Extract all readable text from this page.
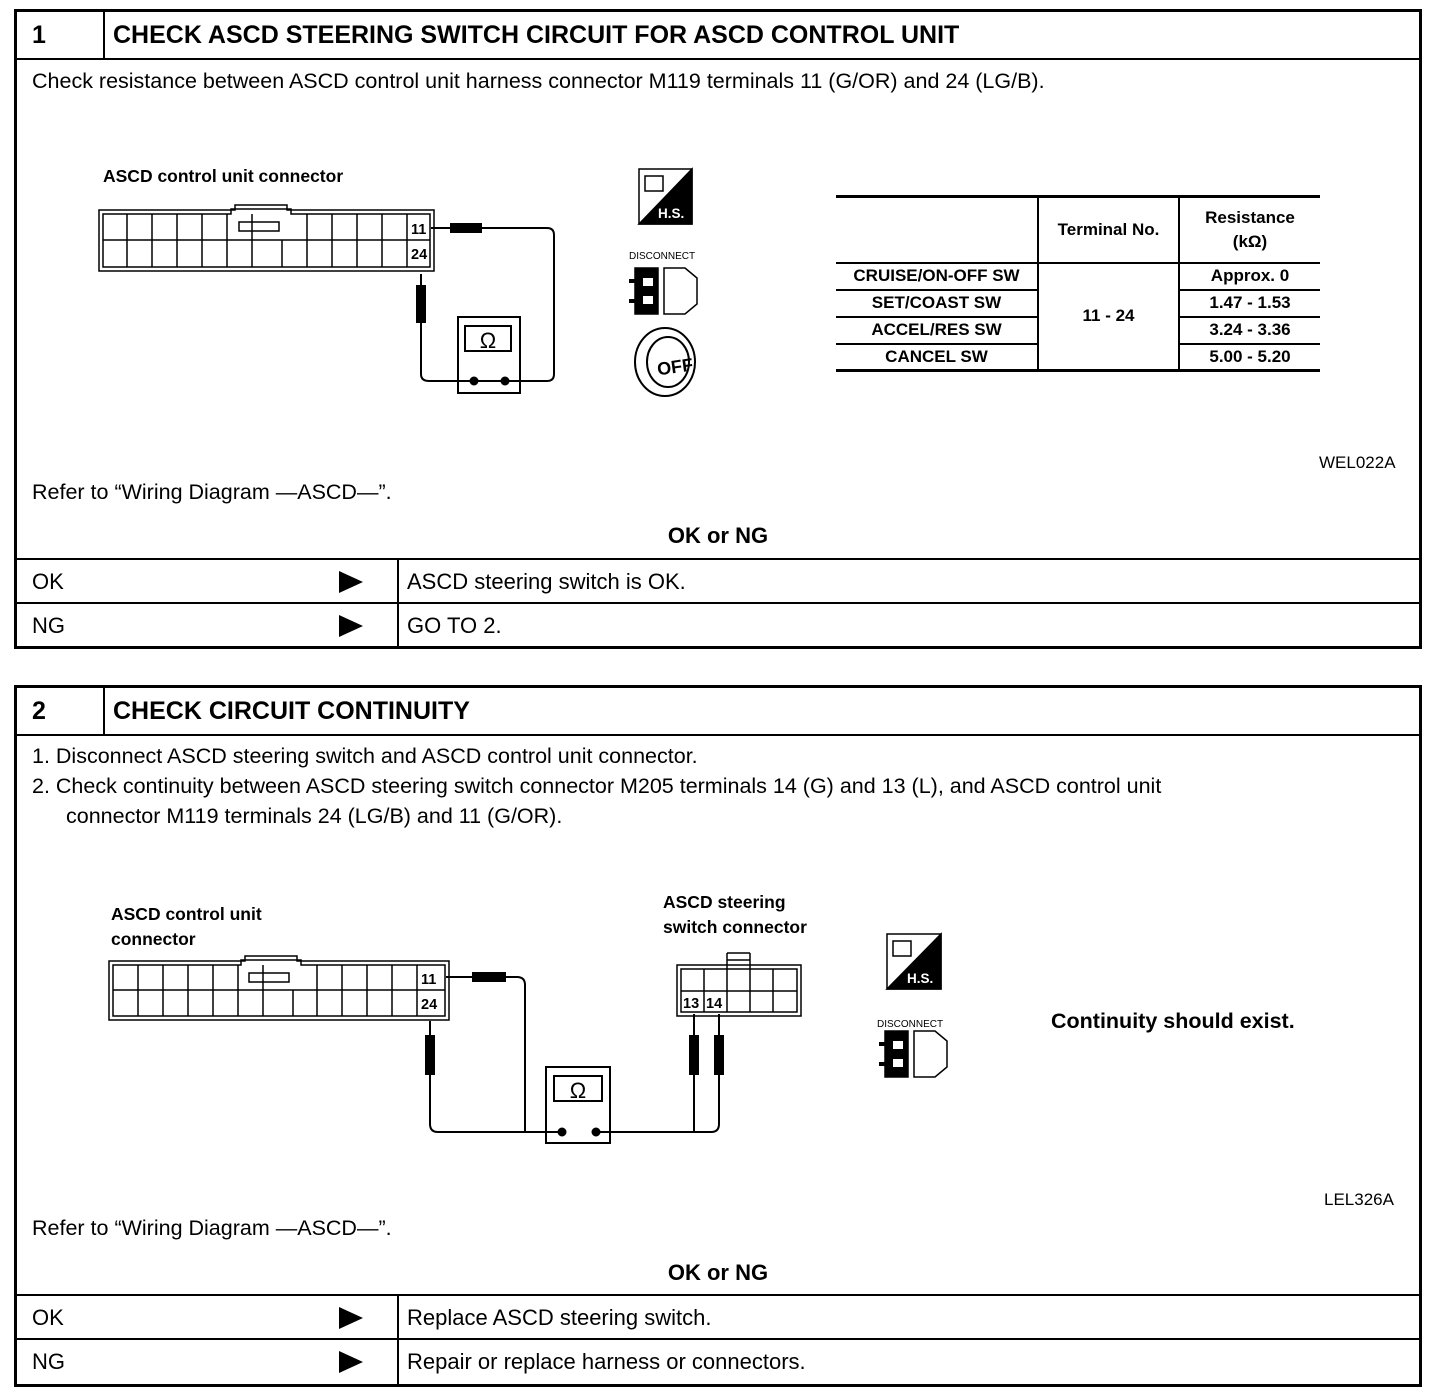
1	CHECK ASCD STEERING SWITCH CIRCUIT FOR ASCD CONTROL UNIT
Check resistance between ASCD control unit harness connector M119 terminals 11 (G/OR) and 24 (LG/B).
ASCD control unit connector
11
24
Ω
H.S.
DISCONNECT
OFF
	Terminal No.	Resistance
(kΩ)
CRUISE/ON-OFF SW	11 - 24	Approx. 0
SET/COAST SW		1.47 - 1.53
ACCEL/RES SW		3.24 - 3.36
CANCEL SW		5.00 - 5.20
WEL022A
Refer to “Wiring Diagram —ASCD—”.
OK or NG
OK	ASCD steering switch is OK.
NG	GO TO 2.
2	CHECK CIRCUIT CONTINUITY
1. Disconnect ASCD steering switch and ASCD control unit connector.
2. Check continuity between ASCD steering switch connector M205 terminals 14 (G) and 13 (L), and ASCD control unit
connector M119 terminals 24 (LG/B) and 11 (G/OR).
ASCD control unit
connector
ASCD steering
switch connector
11
24	13 14
Ω
H.S.
DISCONNECT	Continuity should exist.
LEL326A
Refer to “Wiring Diagram —ASCD—”.
OK or NG
OK	Replace ASCD steering switch.
NG	Repair or replace harness or connectors.
